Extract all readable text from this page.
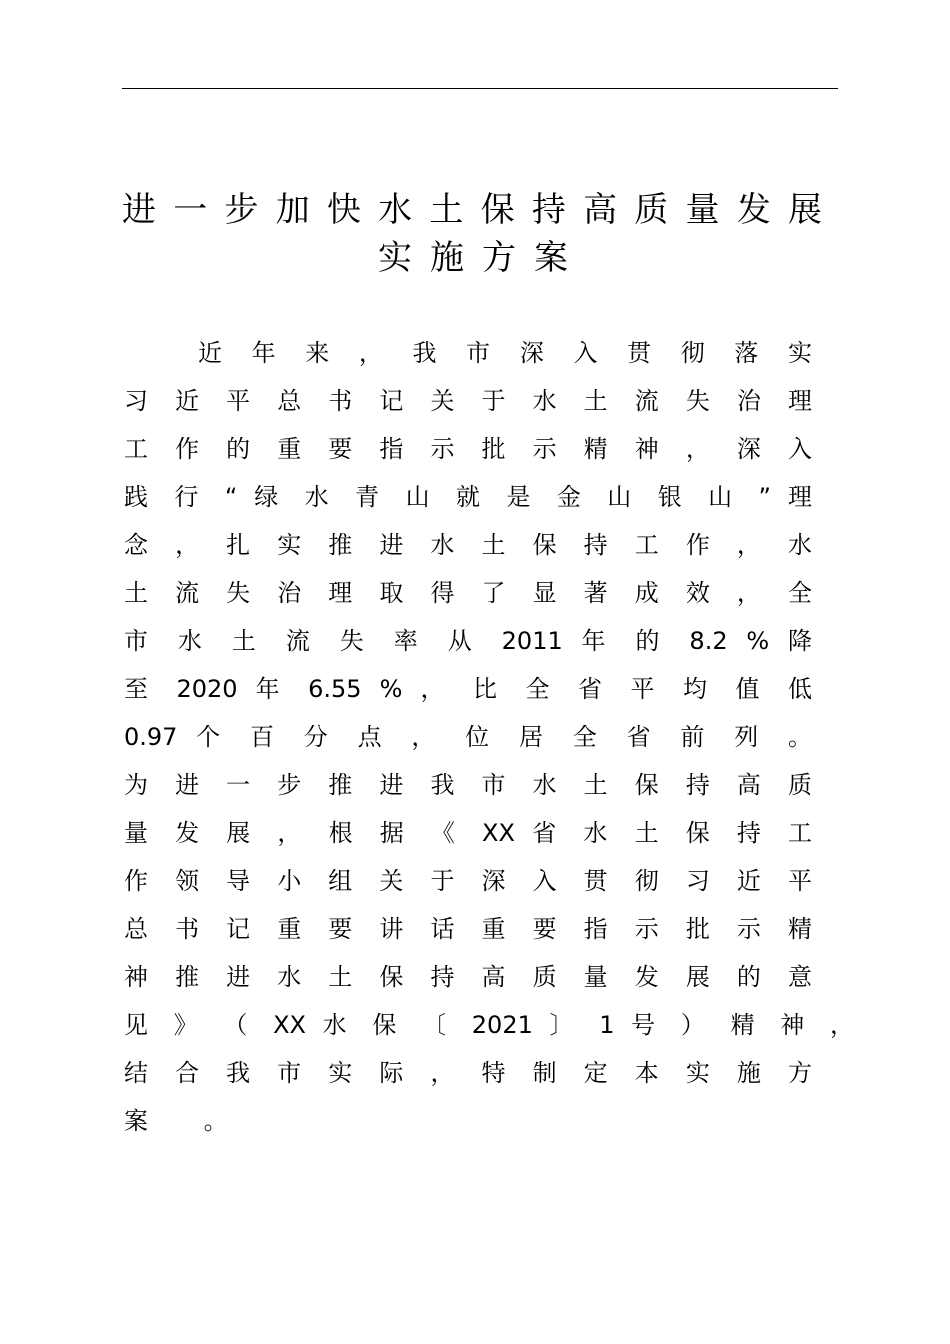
进 一 步 加 快 水 土 保 持 高 质 量 发 展
实 施 方 案
近 年 来 ， 我 市 深 入 贯 彻 落 实
习 近 平 总 书 记 关 于 水 土 流 失 治 理
工 作 的 重 要 指 示 批 示 精 神 ， 深 入
践 行 “ 绿 水 青 山 就 是 金 山 银 山 ” 理
念 ， 扎 实 推 进 水 土 保 持 工 作 ， 水
土 流 失 治 理 取 得 了 显 著 成 效 ， 全
市 水 土 流 失 率 从 2011 年 的 8.2 % 降
至 2020 年 6.55 % ， 比 全 省 平 均 值 低
0.97 个 百 分 点 ， 位 居 全 省 前 列 。
为 进 一 步 推 进 我 市 水 土 保 持 高 质
量 发 展 ， 根 据 《 XX 省 水 土 保 持 工
作 领 导 小 组 关 于 深 入 贯 彻 习 近 平
总 书 记 重 要 讲 话 重 要 指 示 批 示 精
神 推 进 水 土 保 持 高 质 量 发 展 的 意
见 》 （ XX 水 保 〔 2021 〕 1 号 ） 精 神 ，
结 合 我 市 实 际 ， 特 制 定 本 实 施 方
案 。
